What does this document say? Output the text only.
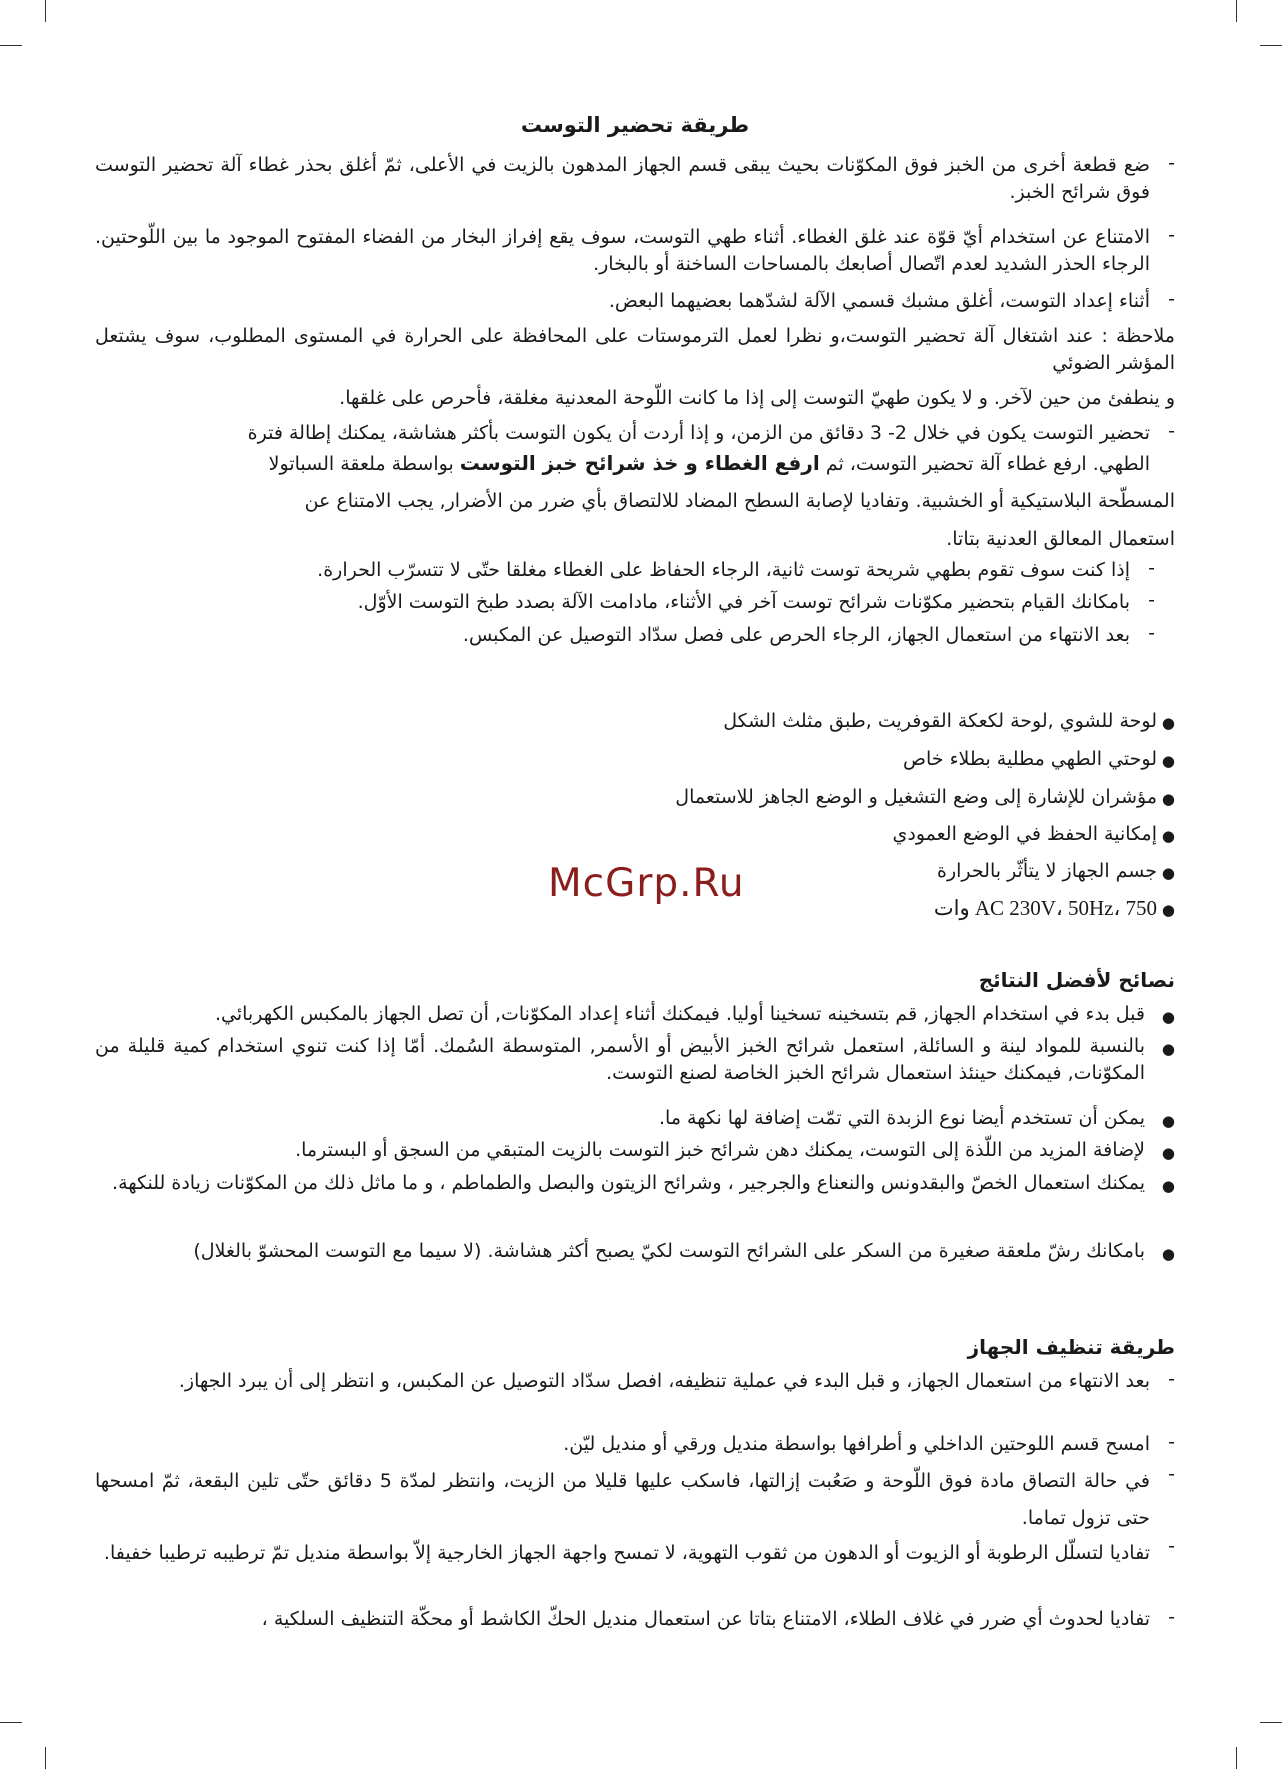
طريقة تحضير التوست
-
ضع قطعة أخرى من الخبز فوق المكوّنات بحيث يبقى قسم الجهاز المدهون بالزيت في الأعلى، ثمّ أغلق بحذر غطاء آلة تحضير التوست فوق شرائح الخبز.
-
الامتناع عن استخدام أيّ قوّة عند غلق الغطاء. أثناء طهي التوست، سوف يقع إفراز البخار من الفضاء المفتوح الموجود ما بين اللّوحتين. الرجاء الحذر الشديد لعدم اتّصال أصابعك بالمساحات الساخنة أو بالبخار.
-
أثناء إعداد التوست، أغلق مشبك قسمي الآلة لشدّهما بعضيهما البعض.
ملاحظة : عند اشتغال آلة تحضير التوست،و نظرا لعمل الترموستات على المحافظة على الحرارة في المستوى المطلوب، سوف يشتعل المؤشر الضوئي
و ينطفئ من حين لآخر. و لا يكون طهيّ التوست إلى إذا ما كانت اللّوحة المعدنية مغلقة، فأحرص على غلقها.
-
تحضير التوست يكون في خلال 2- 3 دقائق من الزمن، و إذا أردت أن يكون التوست بأكثر هشاشة، يمكنك إطالة فترة
الطهي. ارفع غطاء آلة تحضير التوست، ثم ارفع الغطاء و خذ شرائح خبز التوست بواسطة ملعقة السباتولا
المسطّحة البلاستيكية أو الخشبية. وتفاديا لإصابة السطح المضاد للالتصاق بأي ضرر من الأضرار, يجب الامتناع عن
استعمال المعالق العدنية بتاتا.
-
إذا كنت سوف تقوم بطهي شريحة توست ثانية، الرجاء الحفاظ على الغطاء مغلقا حتّى لا تتسرّب الحرارة.
-
بامكانك القيام بتحضير مكوّنات شرائح توست آخر في الأثناء، مادامت الآلة بصدد طبخ التوست الأوّل.
-
بعد الانتهاء من استعمال الجهاز، الرجاء الحرص على فصل سدّاد التوصيل عن المكبس.
●
لوحة للشوي ,لوحة لكعكة القوفريت ,طبق مثلث الشكل
●
لوحتي الطهي مطلية بطلاء خاص
●
مؤشران للإشارة إلى وضع التشغيل و الوضع الجاهز للاستعمال
●
إمكانية الحفظ في الوضع العمودي
●
جسم الجهاز لا يتأثّر بالحرارة
●
AC 230V، 50Hz، 750 وات
نصائح لأفضل النتائج
●
قبل بدء في استخدام الجهاز, قم بتسخينه تسخينا أوليا. فيمكنك أثناء إعداد المكوّنات, أن تصل الجهاز بالمكبس الكهربائي.
●
بالنسبة للمواد لينة و السائلة, استعمل شرائح الخبز الأبيض أو الأسمر, المتوسطة السُمك. أمّا إذا كنت تنوي استخدام كمية قليلة من المكوّنات, فيمكنك حينئذ استعمال شرائح الخبز الخاصة لصنع التوست.
●
يمكن أن تستخدم أيضا نوع الزبدة التي تمّت إضافة لها نكهة ما.
●
لإضافة المزيد من اللّذة إلى التوست، يمكنك دهن شرائح خبز التوست بالزيت المتبقي من السجق أو البسترما.
●
يمكنك استعمال الخصّ والبقدونس والنعناع والجرجير ، وشرائح الزيتون والبصل والطماطم ، و ما ماثل ذلك من المكوّنات زيادة للنكهة.
●
بامكانك رشّ ملعقة صغيرة من السكر على الشرائح التوست لكيّ يصبح أكثر هشاشة. (لا سيما مع التوست المحشوّ بالغلال)
طريقة تنظيف الجهاز
-
بعد الانتهاء من استعمال الجهاز، و قبل البدء في عملية تنظيفه، افصل سدّاد التوصيل عن المكبس، و انتظر إلى أن يبرد الجهاز.
-
امسح قسم اللوحتين الداخلي و أطرافها بواسطة منديل ورقي أو منديل ليّن.
-
في حالة التصاق مادة فوق اللّوحة و صَعُبت إزالتها، فاسكب عليها قليلا من الزيت، وانتظر لمدّة 5 دقائق حتّى تلين البقعة، ثمّ امسحها حتى تزول تماما.
-
تفاديا لتسلّل الرطوبة أو الزيوت أو الدهون من ثقوب التهوية، لا تمسح واجهة الجهاز الخارجية إلاّ بواسطة منديل تمّ ترطيبه ترطيبا خفيفا.
-
تفاديا لحدوث أي ضرر في غلاف الطلاء، الامتناع بتاتا عن استعمال منديل الحكّ الكاشط أو محكّة التنظيف السلكية ،
McGrp.Ru
